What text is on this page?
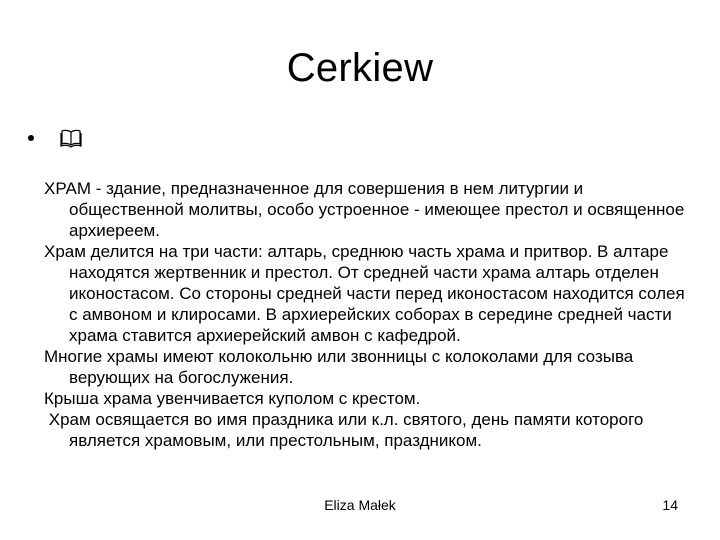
Cerkiew

ХРАМ - здание, предназначенное для совершения в нем литургии и общественной молитвы, особо устроенное - имеющее престол и освященное архиереем.

Храм делится на три части: алтарь, среднюю часть храма и притвор. В алтаре находятся жертвенник и престол. От средней части храма алтарь отделен иконостасом. Со стороны средней части перед иконостасом находится солея с амвоном и клиросами. В архиерейских соборах в середине средней части храма ставится архиерейский амвон с кафедрой.

Многие храмы имеют колокольню или звонницы с колоколами для созыва верующих на богослужения.

Крыша храма увенчивается куполом с крестом.

Храм освящается во имя праздника или к.л. святого, день памяти которого является храмовым, или престольным, праздником.

Eliza Małek	14
